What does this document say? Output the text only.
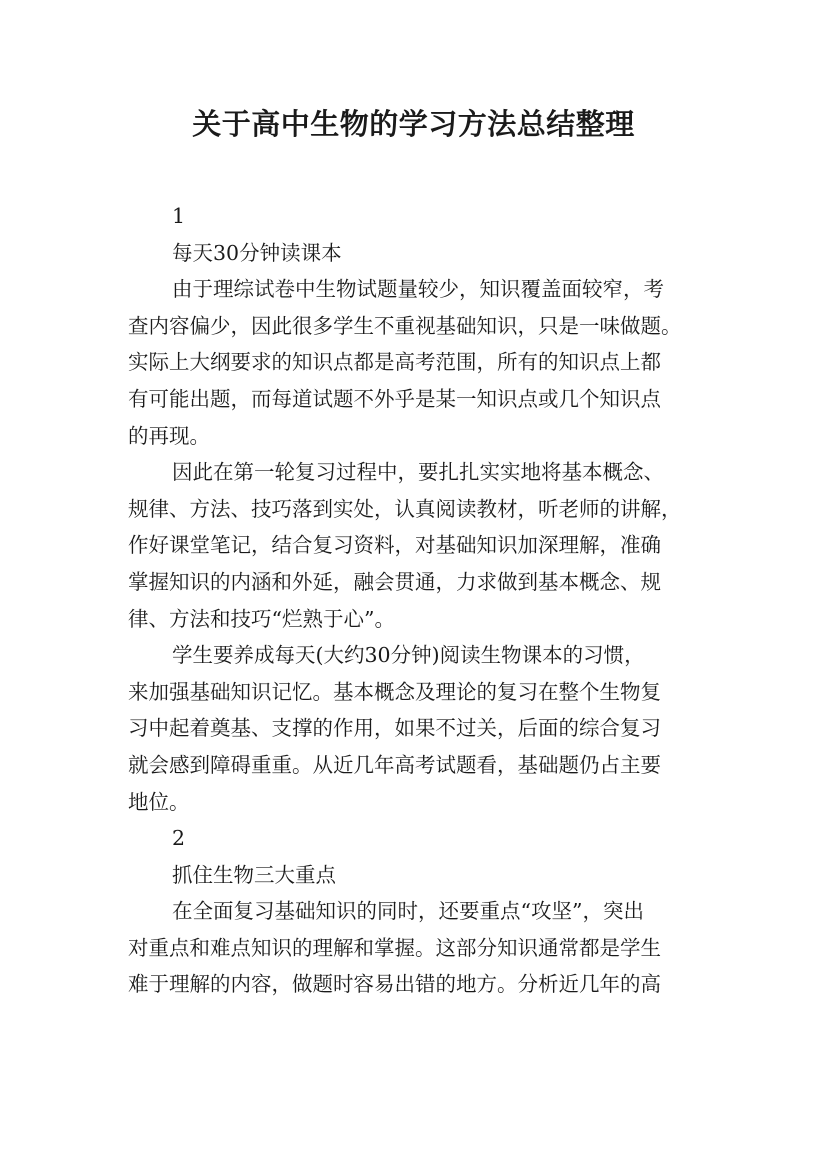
关于高中生物的学习方法总结整理
1
每天30分钟读课本
由于理综试卷中生物试题量较少，知识覆盖面较窄，考
查内容偏少，因此很多学生不重视基础知识，只是一味做题。
实际上大纲要求的知识点都是高考范围，所有的知识点上都
有可能出题，而每道试题不外乎是某一知识点或几个知识点
的再现。
因此在第一轮复习过程中，要扎扎实实地将基本概念、
规律、方法、技巧落到实处，认真阅读教材，听老师的讲解，
作好课堂笔记，结合复习资料，对基础知识加深理解，准确
掌握知识的内涵和外延，融会贯通，力求做到基本概念、规
律、方法和技巧“烂熟于心”。
学生要养成每天(大约30分钟)阅读生物课本的习惯，
来加强基础知识记忆。基本概念及理论的复习在整个生物复
习中起着奠基、支撑的作用，如果不过关，后面的综合复习
就会感到障碍重重。从近几年高考试题看，基础题仍占主要
地位。
2
抓住生物三大重点
在全面复习基础知识的同时，还要重点“攻坚”，突出
对重点和难点知识的理解和掌握。这部分知识通常都是学生
难于理解的内容，做题时容易出错的地方。分析近几年的高
